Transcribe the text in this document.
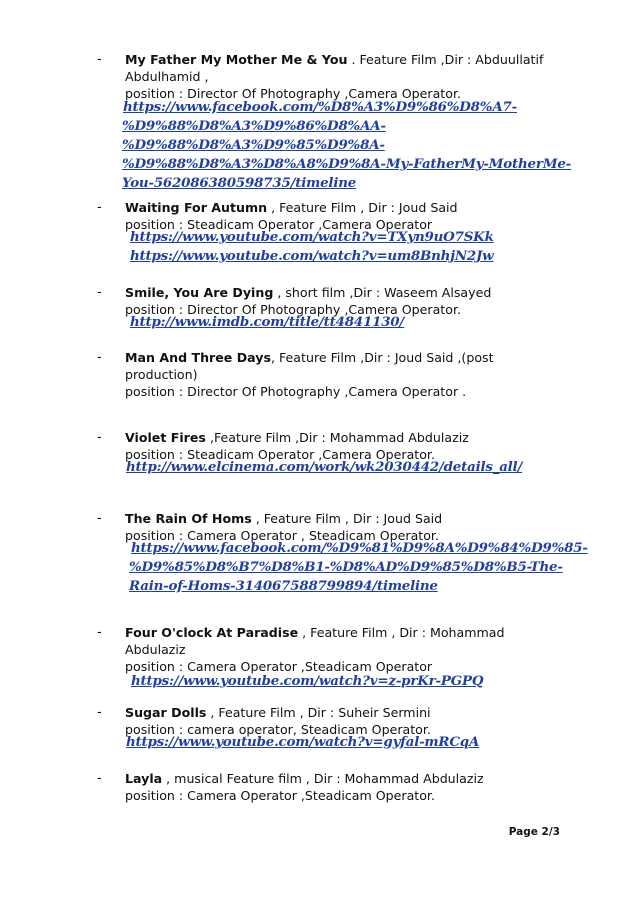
- My Father My Mother Me & You . Feature Film ,Dir : Abduullatif
Abdulhamid ,
position : Director Of Photography ,Camera Operator.
https://www.facebook.com/%D8%A3%D9%86%D8%A7-
%D9%88%D8%A3%D9%86%D8%AA-
%D9%88%D8%A3%D9%85%D9%8A-
%D9%88%D8%A3%D8%A8%D9%8A-My-FatherMy-MotherMe-
You-562086380598735/timeline
- Waiting For Autumn , Feature Film , Dir : Joud Said
position : Steadicam Operator ,Camera Operator
https://www.youtube.com/watch?v=TXyn9uO7SKk
https://www.youtube.com/watch?v=um8BnhjN2Jw
- Smile, You Are Dying , short film ,Dir : Waseem Alsayed
position : Director Of Photography ,Camera Operator.
http://www.imdb.com/title/tt4841130/
- Man And Three Days, Feature Film ,Dir : Joud Said ,(post
production)
position : Director Of Photography ,Camera Operator .
- Violet Fires ,Feature Film ,Dir : Mohammad Abdulaziz
position : Steadicam Operator ,Camera Operator.
http://www.elcinema.com/work/wk2030442/details_all/
- The Rain Of Homs , Feature Film , Dir : Joud Said
position : Camera Operator , Steadicam Operator.
https://www.facebook.com/%D9%81%D9%8A%D9%84%D9%85-
%D9%85%D8%B7%D8%B1-%D8%AD%D9%85%D8%B5-The-
Rain-of-Homs-314067588799894/timeline
- Four O'clock At Paradise , Feature Film , Dir : Mohammad
Abdulaziz
position : Camera Operator ,Steadicam Operator
https://www.youtube.com/watch?v=z-prKr-PGPQ
- Sugar Dolls , Feature Film , Dir : Suheir Sermini
position : camera operator, Steadicam Operator.
https://www.youtube.com/watch?v=gyfal-mRCqA
- Layla , musical Feature film , Dir : Mohammad Abdulaziz
position : Camera Operator ,Steadicam Operator.
Page 2/3
